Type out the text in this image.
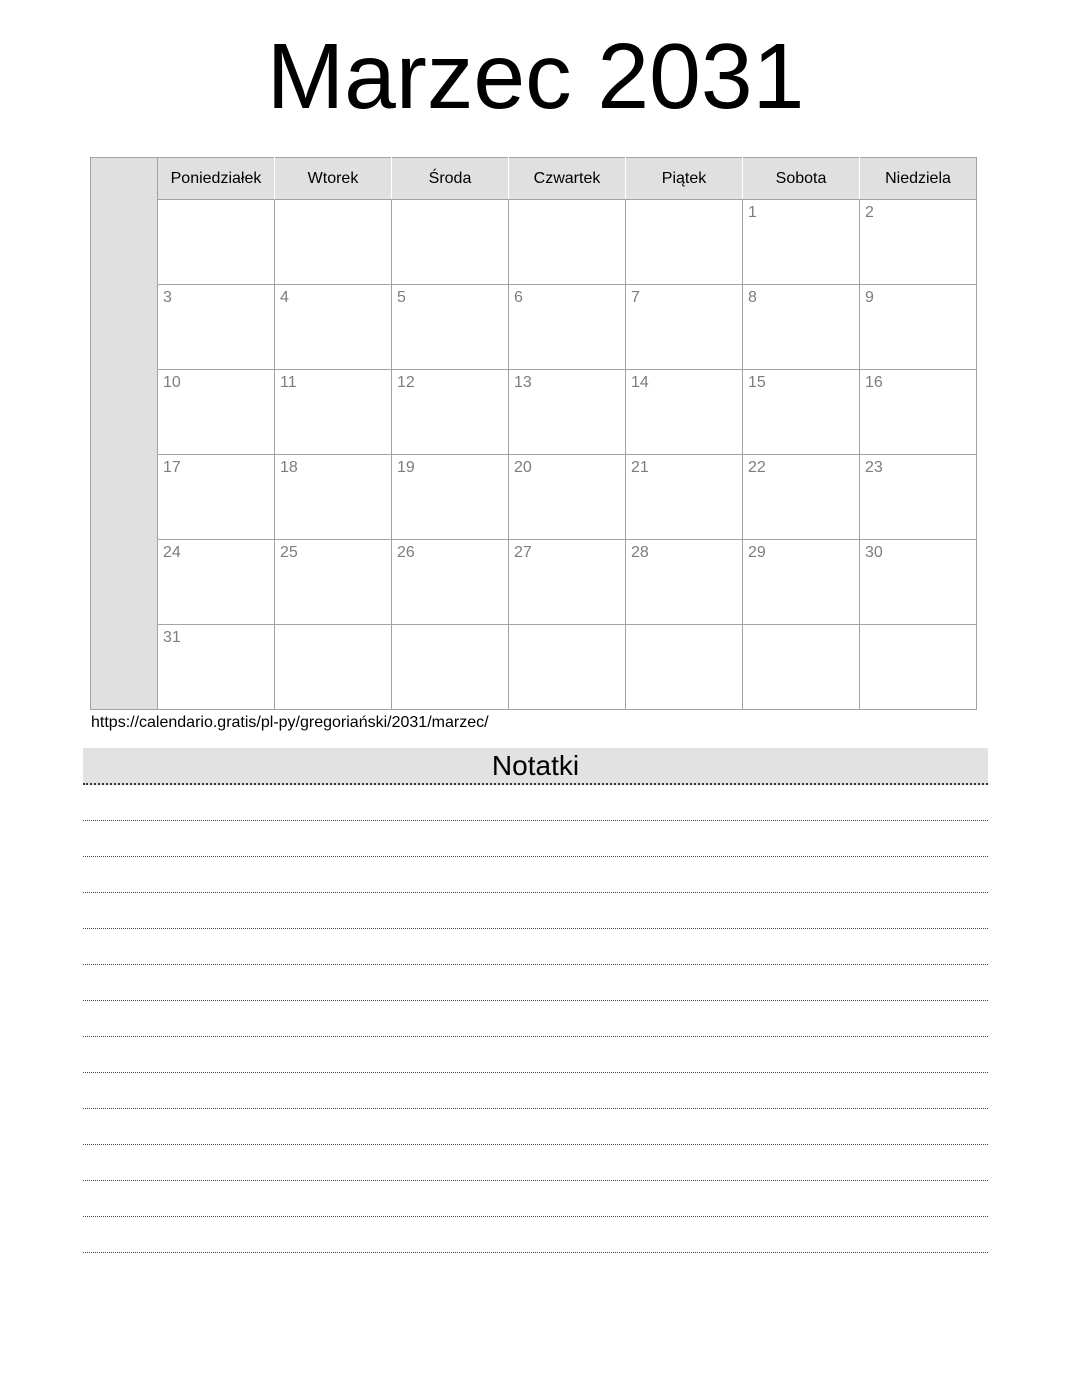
Marzec 2031
	Poniedziałek	Wtorek	Środa	Czwartek	Piątek	Sobota	Niedziela

						1	2

	3	4	5	6	7	8	9

	10	11	12	13	14	15	16

	17	18	19	20	21	22	23

	24	25	26	27	28	29	30

	31						

https://calendario.gratis/pl-py/gregoriański/2031/marzec/
Notatki
